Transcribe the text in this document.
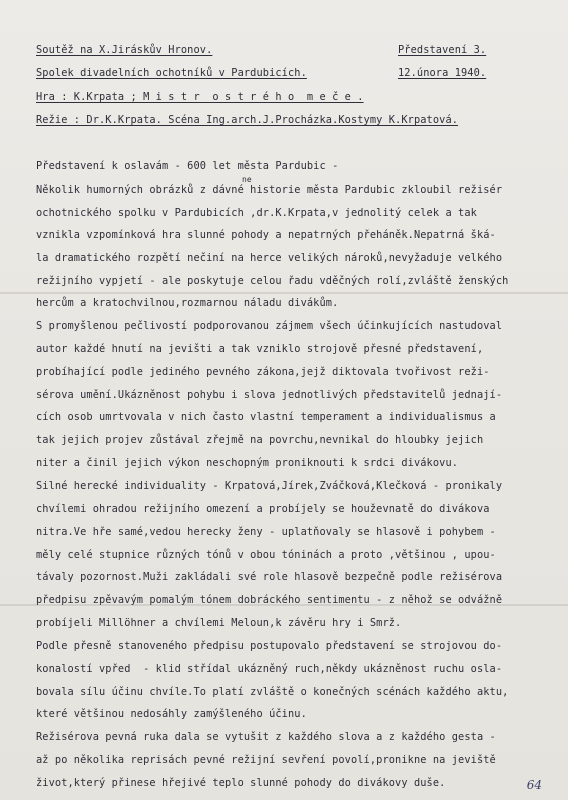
Soutěž na X.Jiráskův Hronov.	Představení 3.
Spolek divadelních ochotníků v Pardubicích.	12.února 1940.
Hra : K.Krpata ; M i s t r  o s t r é h o  m e č e .
Režie : Dr.K.Krpata. Scéna Ing.arch.J.Procházka.Kostymy K.Krpatová.
ne
Představení k oslavám - 600 let města Pardubic -
Několik humorných obrázků z dávné historie města Pardubic zkloubil režisér
ochotnického spolku v Pardubicích ,dr.K.Krpata,v jednolitý celek a tak
vznikla vzpomínková hra slunné pohody a nepatrných přeháněk.Nepatrná šká-
la dramatického rozpětí nečiní na herce velikých nároků,nevyžaduje velkého
režijního vypjetí - ale poskytuje celou řadu vděčných rolí,zvláště ženských
hercům a kratochvilnou,rozmarnou náladu divákům.
S promyšlenou pečlivostí podporovanou zájmem všech účinkujících nastudoval
autor každé hnutí na jevišti a tak vzniklo strojově přesné představení,
probíhající podle jediného pevného zákona,jejž diktovala tvořivost reži-
sérova umění.Ukázněnost pohybu i slova jednotlivých představitelů jednají-
cích osob umrtvovala v nich často vlastní temperament a individualismus a
tak jejich projev zůstával zřejmě na povrchu,nevnikal do hloubky jejich
niter a činil jejich výkon neschopným proniknouti k srdci divákovu.
Silné herecké individuality - Krpatová,Jírek,Zváčková,Klečková - pronikaly
chvílemi ohradou režijního omezení a probíjely se houževnatě do divákova
nitra.Ve hře samé,vedou herecky ženy - uplatňovaly se hlasově i pohybem -
měly celé stupnice různých tónů v obou tóninách a proto ,většinou , upou-
távaly pozornost.Muži zakládali své role hlasově bezpečně podle režisérova
předpisu zpěvavým pomalým tónem dobráckého sentimentu - z něhož se odvážně
probíjeli Millöhner a chvílemi Meloun,k závěru hry i Smrž.
Podle přesně stanoveného předpisu postupovalo představení se strojovou do-
konalostí vpřed  - klid střídal ukázněný ruch,někdy ukázněnost ruchu osla-
bovala sílu účinu chvíle.To platí zvláště o konečných scénách každého aktu,
které většinou nedosáhly zamýšleného účinu.
Režisérova pevná ruka dala se vytušit z každého slova a z každého gesta -
až po několika reprisách pevné režijní sevření povolí,pronikne na jeviště
život,který přinese hřejivé teplo slunné pohody do divákovy duše.	64
